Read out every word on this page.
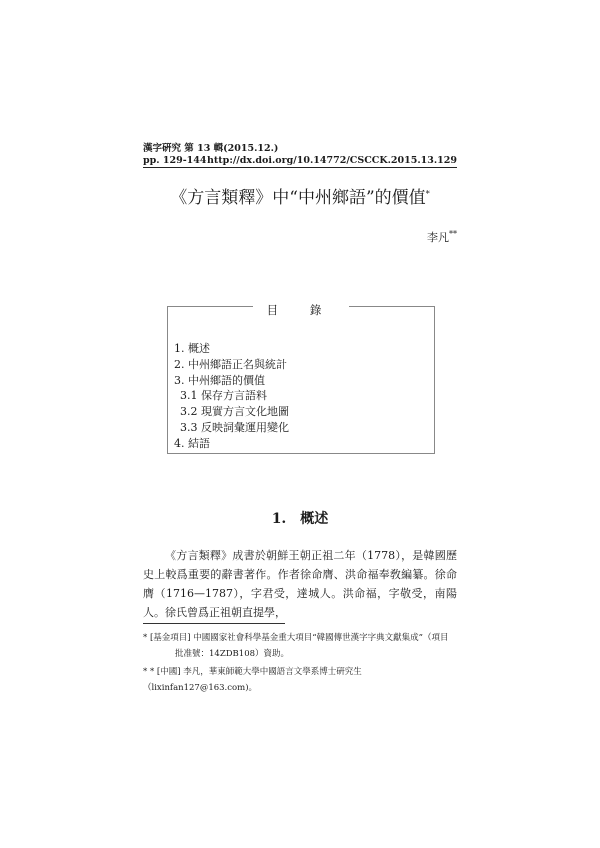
漢字硏究 第 13 輯(2015.12.)
pp. 129-144 http://dx.doi.org/10.14772/CSCCK.2015.13.129
《方言類釋》中“中州鄉語”的價值*
李凡**
目 錄
1. 概述
2. 中州鄉語正名與統計
3. 中州鄉語的價值
3.1 保存方言語料
3.2 現實方言文化地圖
3.3 反映詞彙運用變化
4. 結語
1.　概述
《方言類釋》成書於朝鮮王朝正祖二年（1778），是韓國歷史上較爲重要的辭書著作。作者徐命膺、洪命福奉敎編纂。徐命膺（1716—1787），字君受，達城人。洪命福，字敬受，南陽人。徐氏曾爲正祖朝直提學，
* [基金項目] 中國國家社會科學基金重大項目“韓國傳世漢字字典文獻集成”（項目
批准號：14ZDB108）資助。
* * [中國] 李凡，華東師範大學中國語言文學系博士硏究生（lixinfan127@163.com)。
